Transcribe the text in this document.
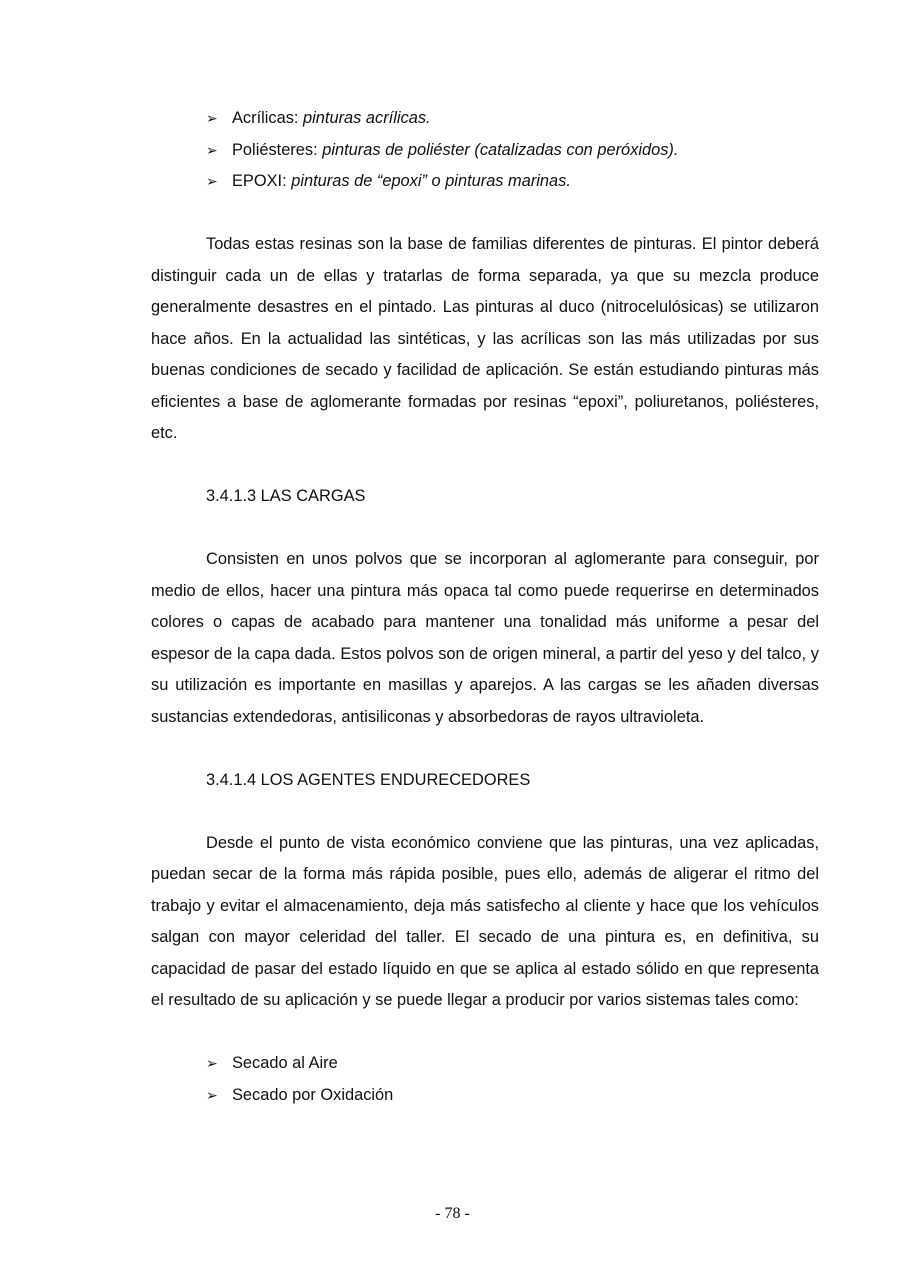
➢ Acrílicas: pinturas acrílicas.
➢ Poliésteres: pinturas de poliéster (catalizadas con peróxidos).
➢ EPOXI: pinturas de “epoxi” o pinturas marinas.

Todas estas resinas son la base de familias diferentes de pinturas. El pintor deberá distinguir cada un de ellas y tratarlas de forma separada, ya que su mezcla produce generalmente desastres en el pintado. Las pinturas al duco (nitrocelulósicas) se utilizaron hace años. En la actualidad las sintéticas, y las acrílicas son las más utilizadas por sus buenas condiciones de secado y facilidad de aplicación. Se están estudiando pinturas más eficientes a base de aglomerante formadas por resinas “epoxi”, poliuretanos, poliésteres, etc.

3.4.1.3 LAS CARGAS

Consisten en unos polvos que se incorporan al aglomerante para conseguir, por medio de ellos, hacer una pintura más opaca tal como puede requerirse en determinados colores o capas de acabado para mantener una tonalidad más uniforme a pesar del espesor de la capa dada. Estos polvos son de origen mineral, a partir del yeso y del talco, y su utilización es importante en masillas y aparejos. A las cargas se les añaden diversas sustancias extendedoras, antisiliconas y absorbedoras de rayos ultravioleta.

3.4.1.4 LOS AGENTES ENDURECEDORES

Desde el punto de vista económico conviene que las pinturas, una vez aplicadas, puedan secar de la forma más rápida posible, pues ello, además de aligerar el ritmo del trabajo y evitar el almacenamiento, deja más satisfecho al cliente y hace que los vehículos salgan con mayor celeridad del taller. El secado de una pintura es, en definitiva, su capacidad de pasar del estado líquido en que se aplica al estado sólido en que representa el resultado de su aplicación y se puede llegar a producir por varios sistemas tales como:

➢ Secado al Aire
➢ Secado por Oxidación
- 78 -
